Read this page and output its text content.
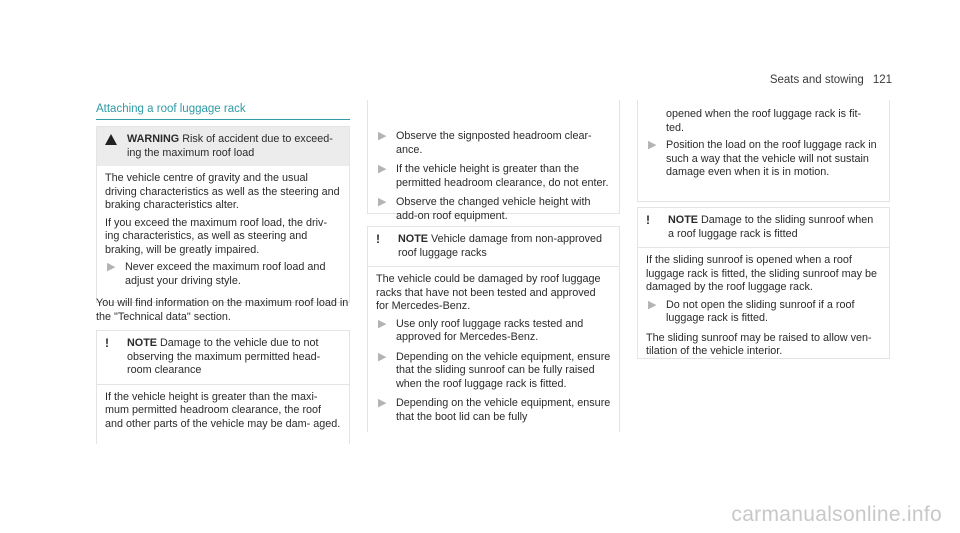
Seats and stowing 121
Attaching a roof luggage rack
WARNING Risk of accident due to exceed- ing the maximum roof load

The vehicle centre of gravity and the usual driving characteristics as well as the steering and braking characteristics alter.

If you exceed the maximum roof load, the driv- ing characteristics, as well as steering and braking, will be greatly impaired.

▶ Never exceed the maximum roof load and adjust your driving style.
You will find information on the maximum roof load in the "Technical data" section.
!	NOTE Damage to the vehicle due to not observing the maximum permitted head- room clearance

If the vehicle height is greater than the maxi- mum permitted headroom clearance, the roof and other parts of the vehicle may be dam- aged.

▶ Observe the signposted headroom clear- ance.
▶ If the vehicle height is greater than the permitted headroom clearance, do not enter.
▶ Observe the changed vehicle height with add-on roof equipment.
!	NOTE Vehicle damage from non-approved roof luggage racks

The vehicle could be damaged by roof luggage racks that have not been tested and approved for Mercedes-Benz.

▶ Use only roof luggage racks tested and approved for Mercedes-Benz.
▶ Depending on the vehicle equipment, ensure that the sliding sunroof can be fully raised when the roof luggage rack is fitted.
▶ Depending on the vehicle equipment, ensure that the boot lid can be fully

opened when the roof luggage rack is fit- ted.

▶ Position the load on the roof luggage rack in such a way that the vehicle will not sustain damage even when it is in motion.
!	NOTE Damage to the sliding sunroof when a roof luggage rack is fitted

If the sliding sunroof is opened when a roof luggage rack is fitted, the sliding sunroof may be damaged by the roof luggage rack.

▶ Do not open the sliding sunroof if a roof luggage rack is fitted.

The sliding sunroof may be raised to allow ven- tilation of the vehicle interior.

carmanualsonline.info
